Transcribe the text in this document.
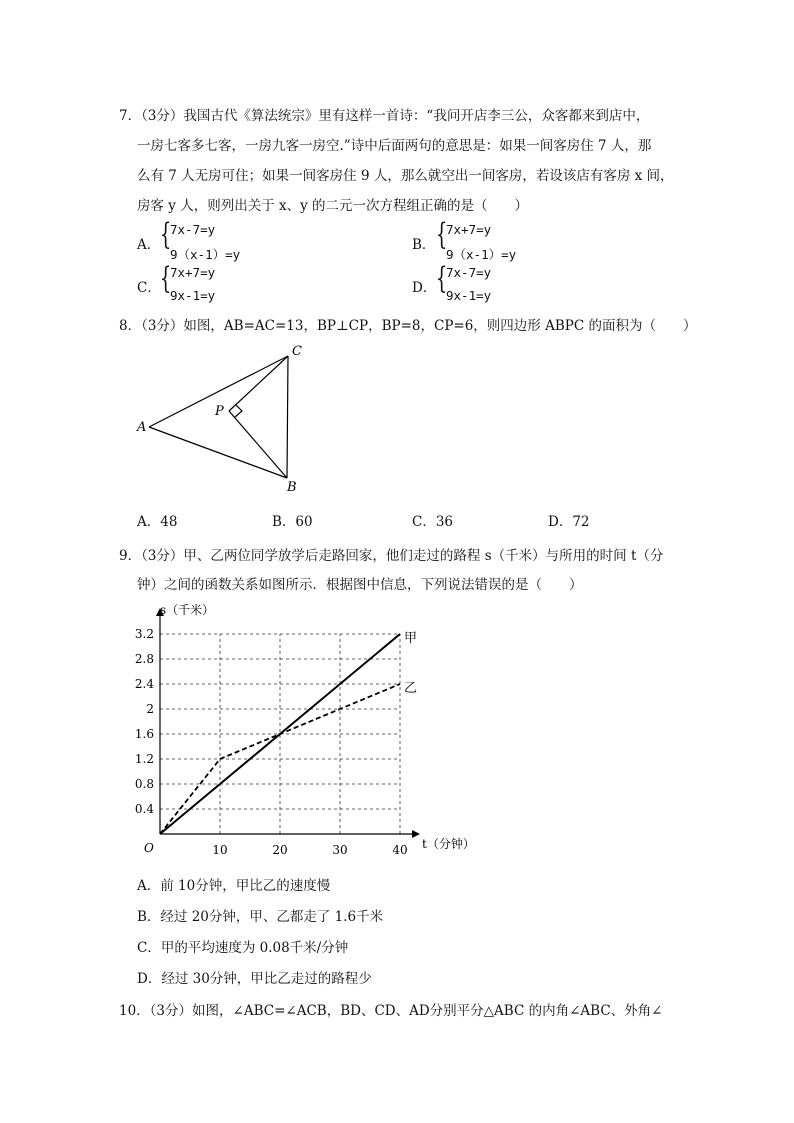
7．（3分）我国古代《算法统宗》里有这样一首诗：“我问开店李三公，众客都来到店中，
一房七客多七客，一房九客一房空.”诗中后面两句的意思是：如果一间客房住 7 人，那
么有 7 人无房可住；如果一间客房住 9 人，那么就空出一间客房，若设该店有客房 x 间，
房客 y 人，则列出关于 x、y 的二元一次方程组正确的是（　　）
A． {
7x-7=y
9（x-1）=y
B． {
7x+7=y
9（x-1）=y
C．
{
7x+7=y
9x-1=y	D． {
7x-7=y
9x-1=y
8．（3分）如图，AB=AC=13，BP⊥CP，BP=8，CP=6，则四边形 ABPC 的面积为（　　）
C
A
P
B
A．48	B．60	C．36	D．72
9．（3分）甲、乙两位同学放学后走路回家，他们走过的路程 s（千米）与所用的时间 t（分
钟）之间的函数关系如图所示．根据图中信息，下列说法错误的是（　　）
10	20	30	40
0.4
0.8
1.2
1.6
2
2.4
2.8
3.2
O
s（千米）
t（分钟）
甲
乙
A．前 10分钟，甲比乙的速度慢
B．经过 20分钟，甲、乙都走了 1.6千米
C．甲的平均速度为 0.08千米/分钟
D．经过 30分钟，甲比乙走过的路程少
10．（3分）如图，∠ABC=∠ACB，BD、CD、AD分别平分△ABC 的内角∠ABC、外角∠
